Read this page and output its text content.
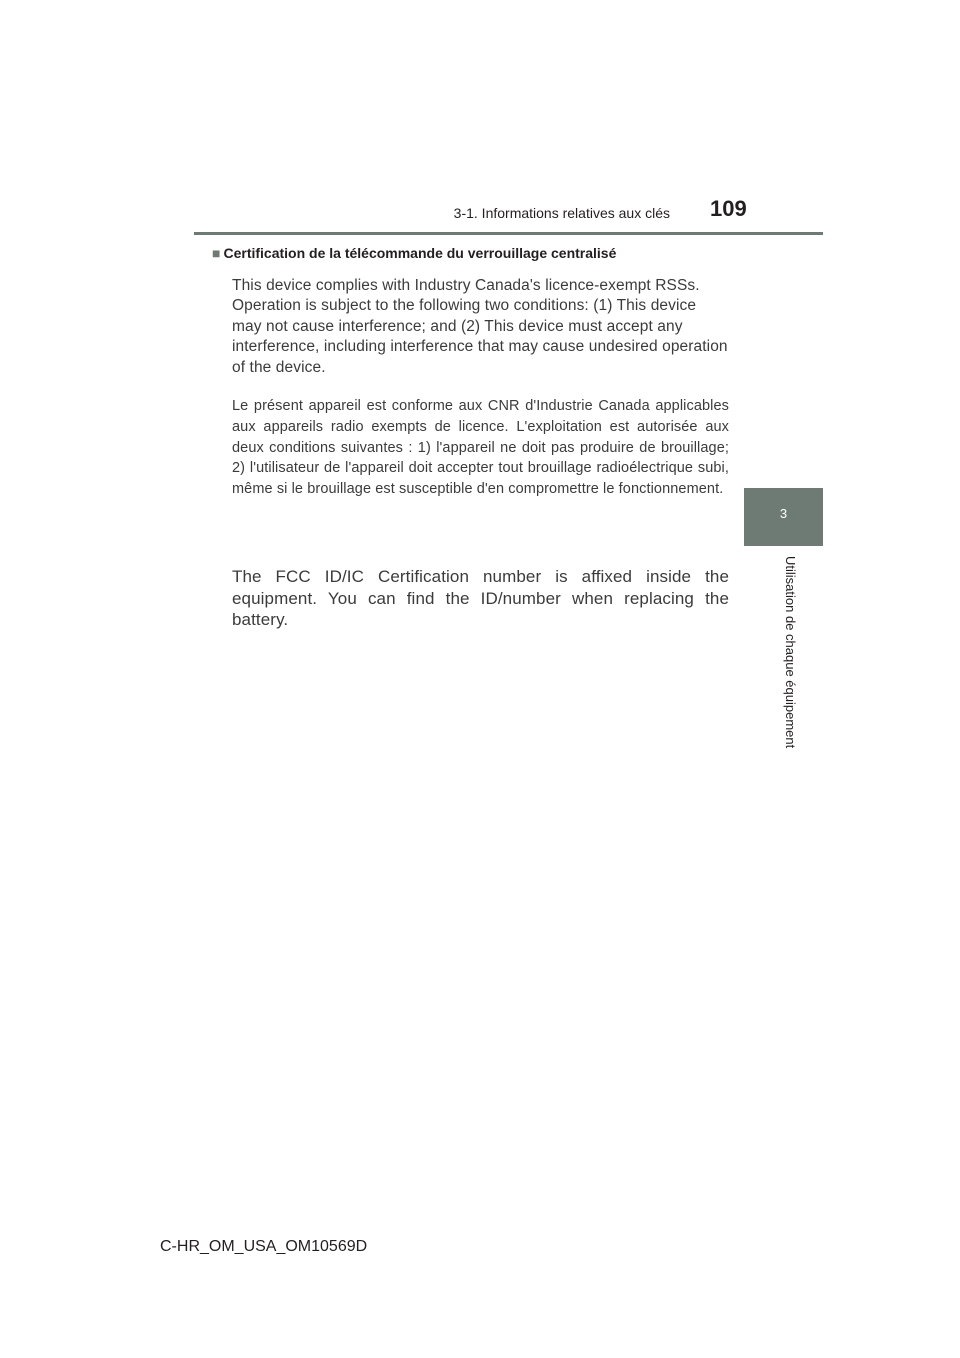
3-1. Informations relatives aux clés 109
3
Utilisation de chaque équipement
■ Certification de la télécommande du verrouillage centralisé
This device complies with Industry Canada's licence-exempt RSSs. Operation is subject to the following two conditions: (1) This device may not cause interference; and (2) This device must accept any interference, including interference that may cause undesired operation of the device.
Le présent appareil est conforme aux CNR d'Industrie Canada applicables aux appareils radio exempts de licence. L'exploitation est autorisée aux deux conditions suivantes : 1) l'appareil ne doit pas produire de brouillage; 2) l'utilisateur de l'appareil doit accepter tout brouillage radioélectrique subi, même si le brouillage est susceptible d'en compromettre le fonctionnement.
The FCC ID/IC Certification number is affixed inside the equipment. You can find the ID/number when replacing the battery.
C-HR_OM_USA_OM10569D
